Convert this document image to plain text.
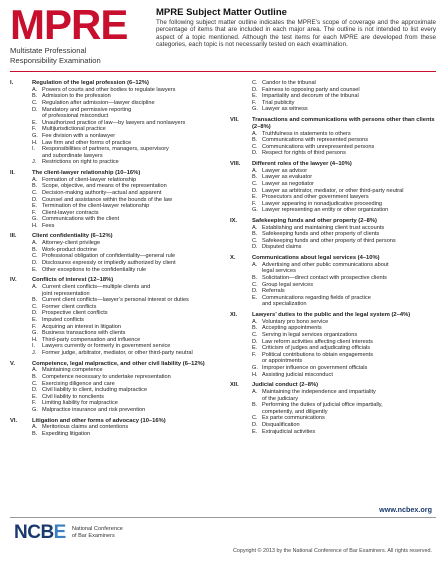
MPRE
Multistate Professional
Responsibility Examination
MPRE Subject Matter Outline
The following subject matter outline indicates the MPRE’s scope of coverage and the approximate percentage of items that are included in each major area. The outline is not intended to list every aspect of a topic mentioned. Although the test items for each MPRE are developed from these categories, each topic is not necessarily tested on each examination.
I.	Regulation of the legal profession (6–12%)
A. Powers of courts and other bodies to regulate lawyers
B. Admission to the profession
C. Regulation after admission—lawyer discipline
D. Mandatory and permissive reporting
of professional misconduct
E. Unauthorized practice of law—by lawyers and nonlawyers
F.	Multijurisdictional practice
G. Fee division with a nonlawyer
H. Law firm and other forms of practice
I.	Responsibilities of partners, managers, supervisory
and subordinate lawyers
J.	Restrictions on right to practice
II.	The client-lawyer relationship (10–16%)
A. Formation of client-lawyer relationship
B. Scope, objective, and means of the representation
C. Decision-making authority—actual and apparent
D. Counsel and assistance within the bounds of the law
E. Termination of the client-lawyer relationship
F.	Client-lawyer contracts
G. Communications with the client
H. Fees
III.	Client confidentiality (6–12%)
A. Attorney-client privilege
B. Work-product doctrine
C. Professional obligation of confidentiality—general rule
D. Disclosures expressly or impliedly authorized by client
E. Other exceptions to the confidentiality rule
IV.	Conflicts of interest (12–18%)
A. Current client conflicts—multiple clients and
joint representation
B. Current client conflicts—lawyer’s personal interest or duties
C. Former client conflicts
D. Prospective client conflicts
E. Imputed conflicts
F.	Acquiring an interest in litigation
G. Business transactions with clients
H. Third-party compensation and influence
I.	Lawyers currently or formerly in government service
J.	Former judge, arbitrator, mediator, or other third-party neutral
V.	Competence, legal malpractice, and other civil liability (6–12%)
A. Maintaining competence
B. Competence necessary to undertake representation
C. Exercising diligence and care
D. Civil liability to client, including malpractice
E. Civil liability to nonclients
F.	Limiting liability for malpractice
G. Malpractice insurance and risk prevention
VI.	Litigation and other forms of advocacy (10–16%)
A. Meritorious claims and contentions
B. Expediting litigation
C. Candor to the tribunal
D. Fairness to opposing party and counsel
E. Impartiality and decorum of the tribunal
F.	Trial publicity
G. Lawyer as witness
VII.	Transactions and communications with persons other than clients (2–8%)
A. Truthfulness in statements to others
B. Communications with represented persons
C. Communications with unrepresented persons
D. Respect for rights of third persons
VIII.	Different roles of the lawyer (4–10%)
A. Lawyer as advisor
B. Lawyer as evaluator
C. Lawyer as negotiator
D. Lawyer as arbitrator, mediator, or other third-party neutral
E. Prosecutors and other government lawyers
F.	Lawyer appearing in nonadjudicative proceeding
G. Lawyer representing an entity or other organization
IX.	Safekeeping funds and other property (2–8%)
A. Establishing and maintaining client trust accounts
B. Safekeeping funds and other property of clients
C. Safekeeping funds and other property of third persons
D. Disputed claims
X.	Communications about legal services (4–10%)
A. Advertising and other public communications about
legal services
B. Solicitation—direct contact with prospective clients
C. Group legal services
D. Referrals
E. Communications regarding fields of practice
and specialization
XI.	Lawyers’ duties to the public and the legal system (2–4%)
A. Voluntary pro bono service
B. Accepting appointments
C. Serving in legal services organizations
D. Law reform activities affecting client interests
E. Criticism of judges and adjudicating officials
F.	Political contributions to obtain engagements
or appointments
G. Improper influence on government officials
H. Assisting judicial misconduct
XII.	Judicial conduct (2–8%)
A. Maintaining the independence and impartiality
of the judiciary
B. Performing the duties of judicial office impartially,
competently, and diligently
C. Ex parte communications
D. Disqualification
E. Extrajudicial activities
www.ncbex.org
NCBE National Conference
of Bar Examiners
Copyright © 2013 by the National Conference of Bar Examiners. All rights reserved.
